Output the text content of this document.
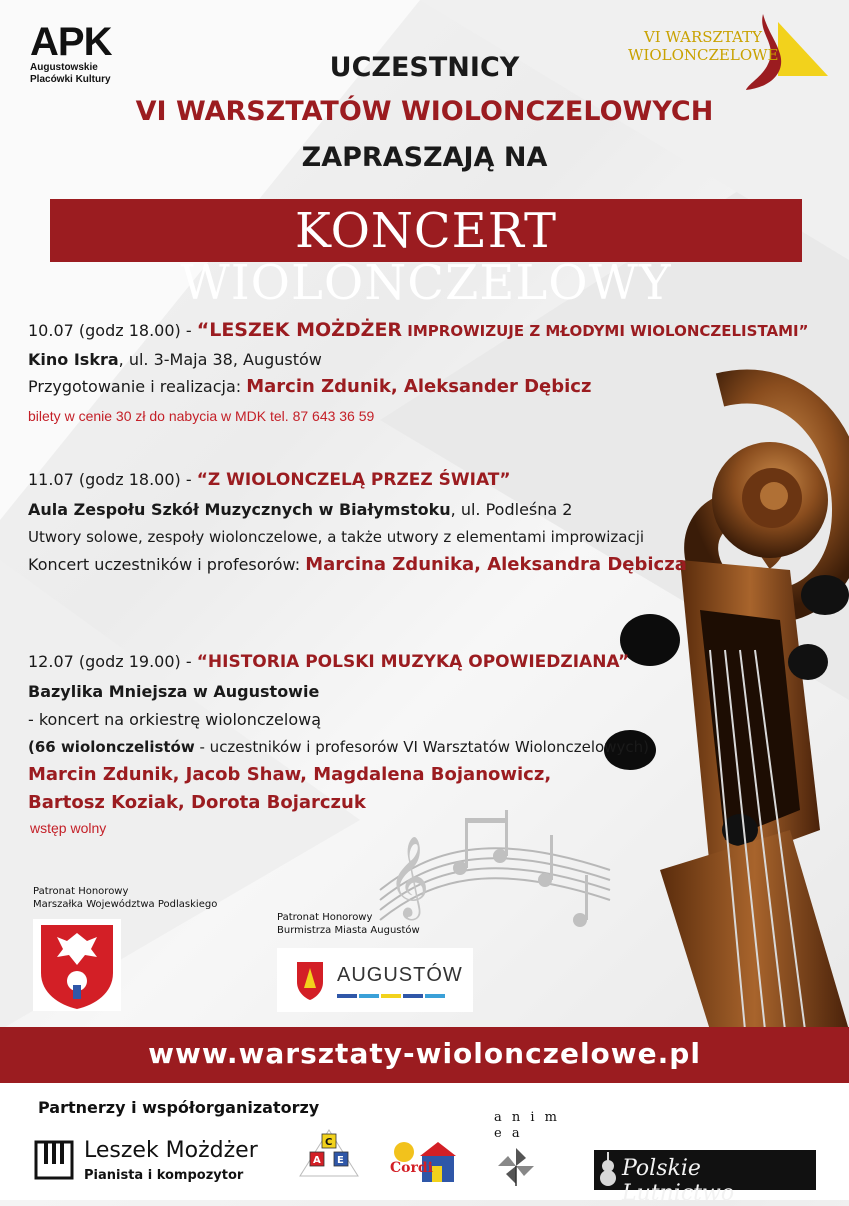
𝄞
APK
Augustowskie
Placówki Kultury
VI WARSZTATY
WIOLONCZELOWE
UCZESTNICY
VI WARSZTATÓW WIOLONCZELOWYCH
ZAPRASZAJĄ NA
KONCERT WIOLONCZELOWY
10.07 (godz 18.00) - “LESZEK MOŻDŻER IMPROWIZUJE Z MŁODYMI WIOLONCZELISTAMI”
Kino Iskra, ul. 3-Maja 38, Augustów
Przygotowanie i realizacja: Marcin Zdunik, Aleksander Dębicz
bilety w cenie 30 zł do nabycia w MDK tel. 87 643 36 59
11.07 (godz 18.00) - “Z WIOLONCZELĄ PRZEZ ŚWIAT”
Aula Zespołu Szkół Muzycznych w Białymstoku, ul. Podleśna 2
Utwory solowe, zespoły wiolonczelowe, a także utwory z elementami improwizacji
Koncert uczestników i profesorów: Marcina Zdunika, Aleksandra Dębicza
12.07 (godz 19.00) - “HISTORIA POLSKI MUZYKĄ OPOWIEDZIANA”
Bazylika Mniejsza w Augustowie
- koncert na orkiestrę wiolonczelową
(66 wiolonczelistów - uczestników i profesorów VI Warsztatów Wiolonczelowych)
Marcin Zdunik, Jacob Shaw, Magdalena Bojanowicz,
Bartosz Koziak, Dorota Bojarczuk
wstęp wolny
Patronat Honorowy
Marszałka Województwa Podlaskiego
Patronat Honorowy
Burmistrza Miasta Augustów
AUGUSTÓW
www.warsztaty-wiolonczelowe.pl
Partnerzy i współorganizatorzy
Leszek Możdżer
Pianista i kompozytor
C
A E	Cordi
a n i m e a
Polskie Lutnictwo
